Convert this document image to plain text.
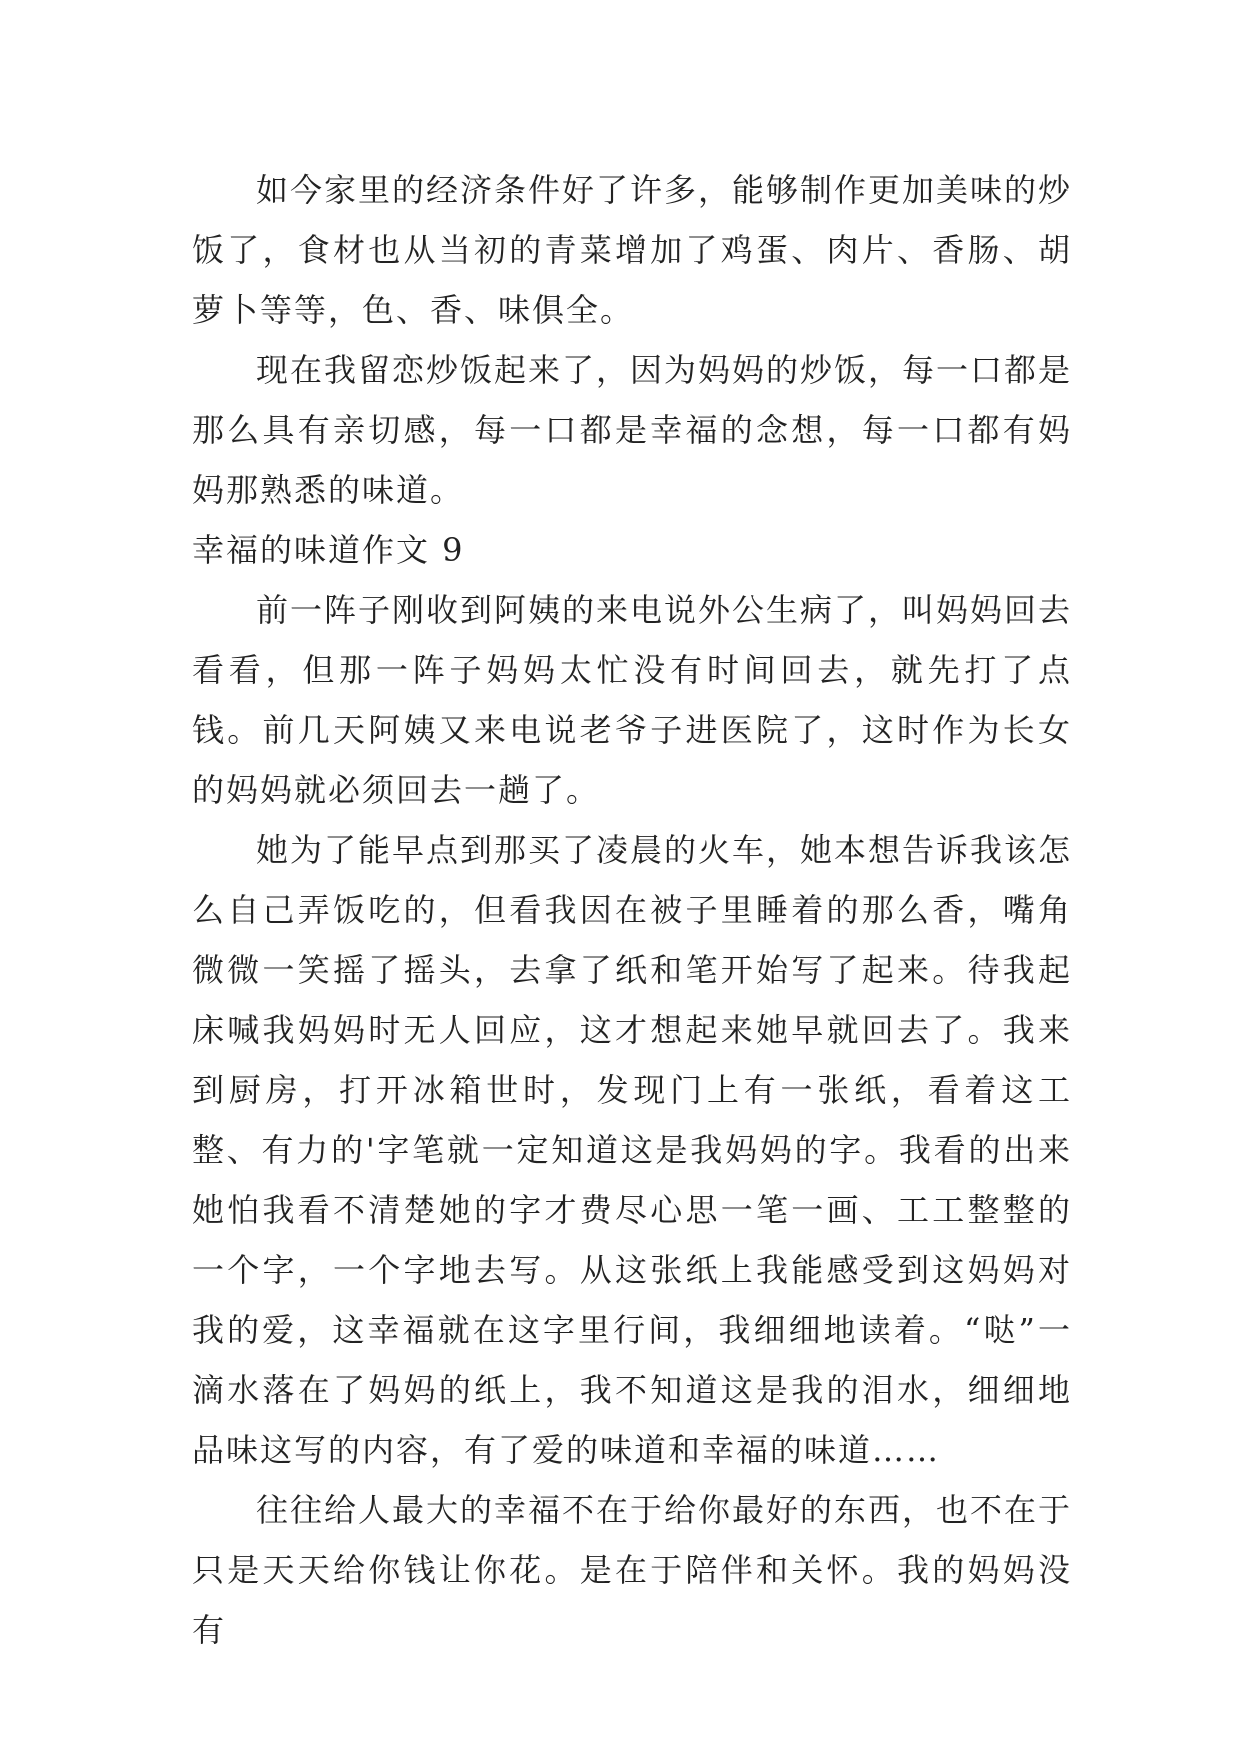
如今家里的经济条件好了许多，能够制作更加美味的炒饭了，食材也从当初的青菜增加了鸡蛋、肉片、香肠、胡萝卜等等，色、香、味俱全。

现在我留恋炒饭起来了，因为妈妈的炒饭，每一口都是那么具有亲切感，每一口都是幸福的念想，每一口都有妈妈那熟悉的味道。

幸福的味道作文 9

前一阵子刚收到阿姨的来电说外公生病了，叫妈妈回去看看，但那一阵子妈妈太忙没有时间回去，就先打了点钱。前几天阿姨又来电说老爷子进医院了，这时作为长女的妈妈就必须回去一趟了。

她为了能早点到那买了凌晨的火车，她本想告诉我该怎么自己弄饭吃的，但看我因在被子里睡着的那么香，嘴角微微一笑摇了摇头，去拿了纸和笔开始写了起来。待我起床喊我妈妈时无人回应，这才想起来她早就回去了。我来到厨房，打开冰箱世时，发现门上有一张纸，看着这工整、有力的'字笔就一定知道这是我妈妈的字。我看的出来她怕我看不清楚她的字才费尽心思一笔一画、工工整整的一个字，一个字地去写。从这张纸上我能感受到这妈妈对我的爱，这幸福就在这字里行间，我细细地读着。“哒”一滴水落在了妈妈的纸上，我不知道这是我的泪水，细细地品味这写的内容，有了爱的味道和幸福的味道……

往往给人最大的幸福不在于给你最好的东西，也不在于只是天天给你钱让你花。是在于陪伴和关怀。我的妈妈没有
